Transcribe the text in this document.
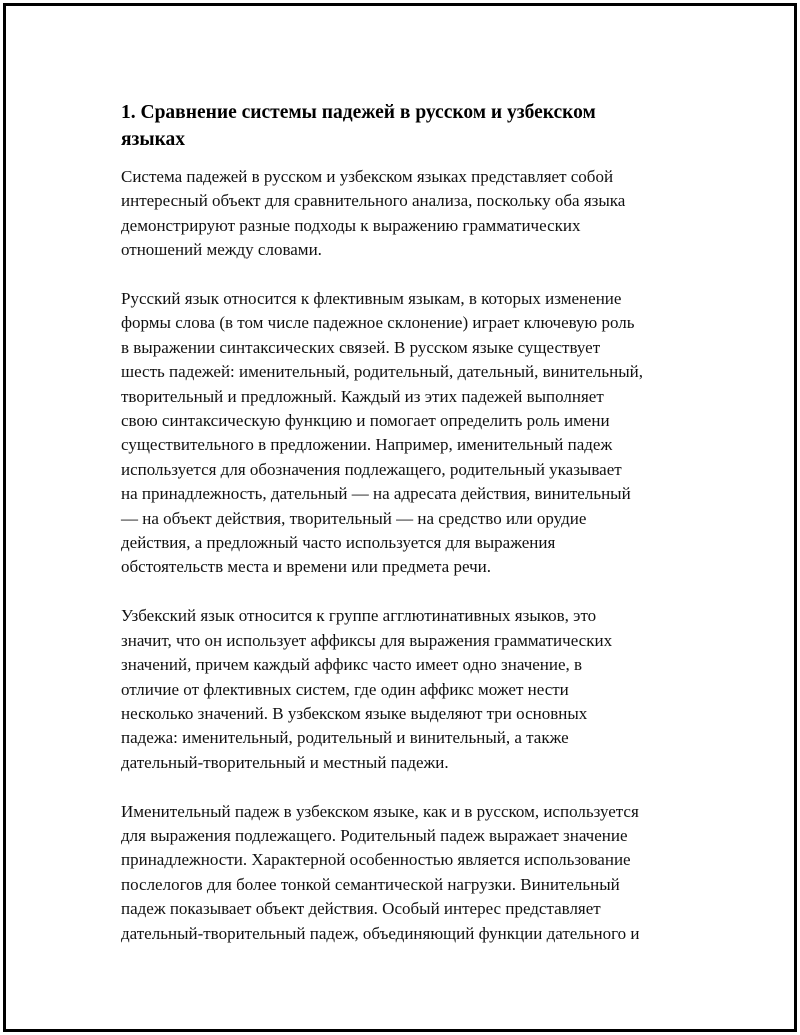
1. Сравнение системы падежей в русском и узбекском
языках

Система падежей в русском и узбекском языках представляет собой
интересный объект для сравнительного анализа, поскольку оба языка
демонстрируют разные подходы к выражению грамматических
отношений между словами.

Русский язык относится к флективным языкам, в которых изменение
формы слова (в том числе падежное склонение) играет ключевую роль
в выражении синтаксических связей. В русском языке существует
шесть падежей: именительный, родительный, дательный, винительный,
творительный и предложный. Каждый из этих падежей выполняет
свою синтаксическую функцию и помогает определить роль имени
существительного в предложении. Например, именительный падеж
используется для обозначения подлежащего, родительный указывает
на принадлежность, дательный — на адресата действия, винительный
— на объект действия, творительный — на средство или орудие
действия, а предложный часто используется для выражения
обстоятельств места и времени или предмета речи.

Узбекский язык относится к группе агглютинативных языков, это
значит, что он использует аффиксы для выражения грамматических
значений, причем каждый аффикс часто имеет одно значение, в
отличие от флективных систем, где один аффикс может нести
несколько значений. В узбекском языке выделяют три основных
падежа: именительный, родительный и винительный, а также
дательный-творительный и местный падежи.

Именительный падеж в узбекском языке, как и в русском, используется
для выражения подлежащего. Родительный падеж выражает значение
принадлежности. Характерной особенностью является использование
послелогов для более тонкой семантической нагрузки. Винительный
падеж показывает объект действия. Особый интерес представляет
дательный-творительный падеж, объединяющий функции дательного и
